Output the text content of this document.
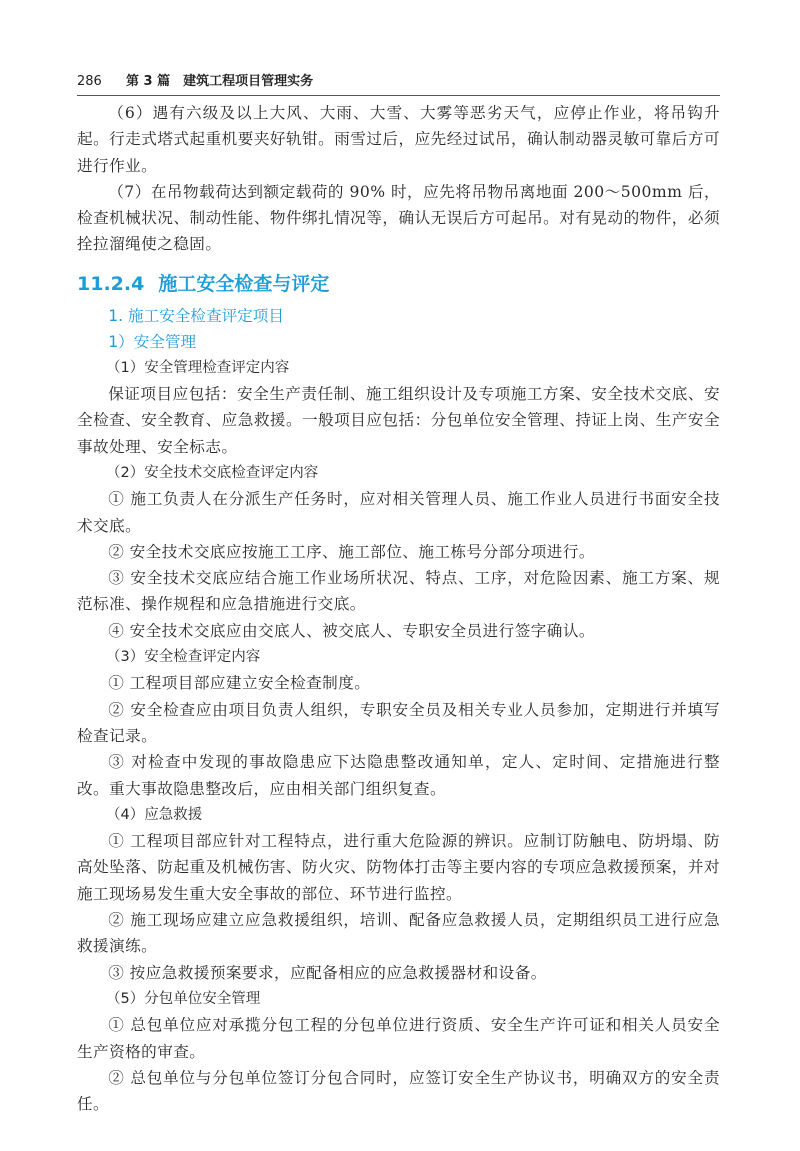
286 第 3 篇　建筑工程项目管理实务

（6）遇有六级及以上大风、大雨、大雪、大雾等恶劣天气，应停止作业，将吊钩升起。行走式塔式起重机要夹好轨钳。雨雪过后，应先经过试吊，确认制动器灵敏可靠后方可进行作业。

（7）在吊物载荷达到额定载荷的 90% 时，应先将吊物吊离地面 200～500mm 后，检查机械状况、制动性能、物件绑扎情况等，确认无误后方可起吊。对有晃动的物件，必须拴拉溜绳使之稳固。

11.2.4 施工安全检查与评定
1. 施工安全检查评定项目
1）安全管理
（1）安全管理检查评定内容

保证项目应包括：安全生产责任制、施工组织设计及专项施工方案、安全技术交底、安全检查、安全教育、应急救援。一般项目应包括：分包单位安全管理、持证上岗、生产安全事故处理、安全标志。

（2）安全技术交底检查评定内容

① 施工负责人在分派生产任务时，应对相关管理人员、施工作业人员进行书面安全技术交底。

② 安全技术交底应按施工工序、施工部位、施工栋号分部分项进行。

③ 安全技术交底应结合施工作业场所状况、特点、工序，对危险因素、施工方案、规范标准、操作规程和应急措施进行交底。

④ 安全技术交底应由交底人、被交底人、专职安全员进行签字确认。

（3）安全检查评定内容

① 工程项目部应建立安全检查制度。

② 安全检查应由项目负责人组织，专职安全员及相关专业人员参加，定期进行并填写检查记录。

③ 对检查中发现的事故隐患应下达隐患整改通知单，定人、定时间、定措施进行整改。重大事故隐患整改后，应由相关部门组织复查。

（4）应急救援

① 工程项目部应针对工程特点，进行重大危险源的辨识。应制订防触电、防坍塌、防高处坠落、防起重及机械伤害、防火灾、防物体打击等主要内容的专项应急救援预案，并对施工现场易发生重大安全事故的部位、环节进行监控。

② 施工现场应建立应急救援组织，培训、配备应急救援人员，定期组织员工进行应急救援演练。

③ 按应急救援预案要求，应配备相应的应急救援器材和设备。

（5）分包单位安全管理

① 总包单位应对承揽分包工程的分包单位进行资质、安全生产许可证和相关人员安全生产资格的审查。

② 总包单位与分包单位签订分包合同时，应签订安全生产协议书，明确双方的安全责任。
